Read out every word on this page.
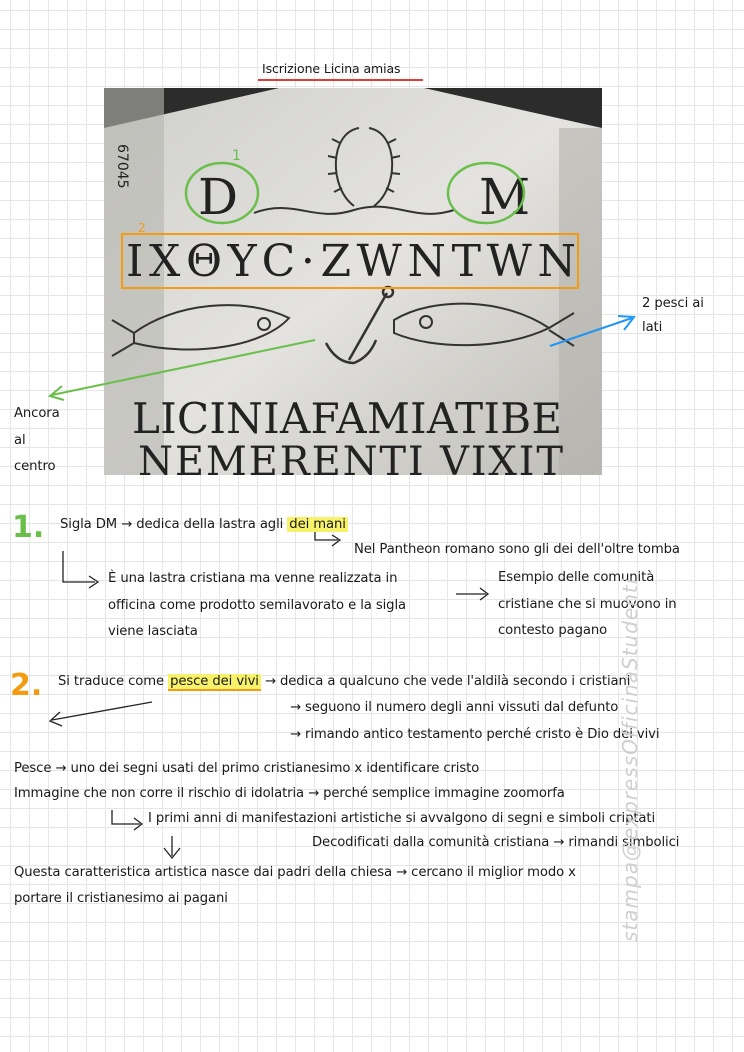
Iscrizione Licina amias
D	M
IXΘYC·ZWNTWN
67045
LICINIAFAMIATIBE
NEMERENTI VIXIT
1
2
2 pesci ai
lati
Ancora
al
centro
1. Sigla DM → dedica della lastra agli dei mani
Nel Pantheon romano sono gli dei dell'oltre tomba
È una lastra cristiana ma venne realizzata in
officina come prodotto semilavorato e la sigla
viene lasciata
Esempio delle comunità
cristiane che si muovono in
contesto pagano
2. Si traduce come pesce dei vivi → dedica a qualcuno che vede l'aldilà secondo i cristiani
→ seguono il numero degli anni vissuti dal defunto
→ rimando antico testamento perché cristo è Dio dei vivi
Pesce → uno dei segni usati del primo cristianesimo x identificare cristo
Immagine che non corre il rischio di idolatria → perché semplice immagine zoomorfa
I primi anni di manifestazioni artistiche si avvalgono di segni e simboli criptati
Decodificati dalla comunità cristiana → rimandi simbolici
Questa caratteristica artistica nasce dai padri della chiesa → cercano il miglior modo x
portare il cristianesimo ai pagani	stampa@expressOfficinaStudenti
